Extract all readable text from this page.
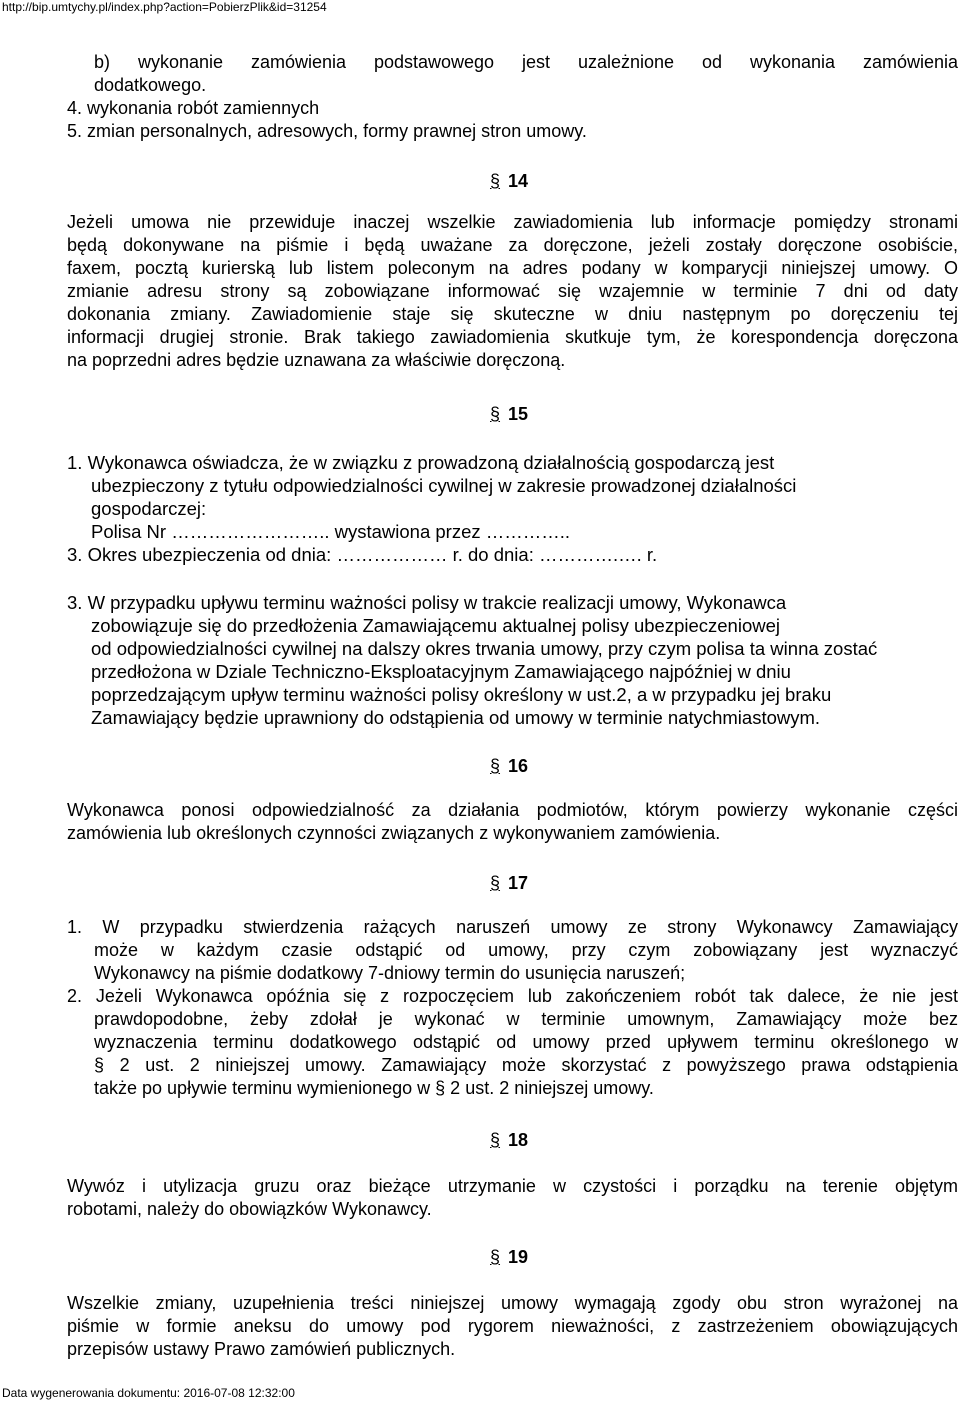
http://bip.umtychy.pl/index.php?action=PobierzPlik&id=31254
b) wykonanie zamówienia podstawowego jest uzależnione od wykonania zamówienia
dodatkowego.
4. wykonania robót zamiennych
5. zmian personalnych, adresowych, formy prawnej stron umowy.
§ 14
Jeżeli umowa nie przewiduje inaczej wszelkie zawiadomienia lub informacje pomiędzy stronami
będą dokonywane na piśmie i będą uważane za doręczone, jeżeli zostały doręczone osobiście,
faxem, pocztą kurierską lub listem poleconym na adres podany w komparycji niniejszej umowy. O
zmianie adresu strony są zobowiązane informować się wzajemnie w terminie 7 dni od daty
dokonania zmiany. Zawiadomienie staje się skuteczne w dniu następnym po doręczeniu tej
informacji drugiej stronie. Brak takiego zawiadomienia skutkuje tym, że korespondencja doręczona
na poprzedni adres będzie uznawana za właściwie doręczoną.
§ 15
1. Wykonawca oświadcza, że w związku z prowadzoną działalnością gospodarczą jest
ubezpieczony z tytułu odpowiedzialności cywilnej w zakresie prowadzonej działalności
gospodarczej:
Polisa Nr …………………….. wystawiona przez …………..
3. Okres ubezpieczenia od dnia: ……………… r. do dnia: ………….…. r.
3. W przypadku upływu terminu ważności polisy w trakcie realizacji umowy, Wykonawca
zobowiązuje się do przedłożenia Zamawiającemu aktualnej polisy ubezpieczeniowej
od odpowiedzialności cywilnej na dalszy okres trwania umowy, przy czym polisa ta winna zostać
przedłożona w Dziale Techniczno-Eksploatacyjnym Zamawiającego najpóźniej w dniu
poprzedzającym upływ terminu ważności polisy określony w ust.2, a w przypadku jej braku
Zamawiający będzie uprawniony do odstąpienia od umowy w terminie natychmiastowym.
§ 16
Wykonawca ponosi odpowiedzialność za działania podmiotów, którym powierzy wykonanie części
zamówienia lub określonych czynności związanych z wykonywaniem zamówienia.
§ 17
1. W przypadku stwierdzenia rażących naruszeń umowy ze strony Wykonawcy Zamawiający
może w każdym czasie odstąpić od umowy, przy czym zobowiązany jest wyznaczyć
Wykonawcy na piśmie dodatkowy 7-dniowy termin do usunięcia naruszeń;
2. Jeżeli Wykonawca opóźnia się z rozpoczęciem lub zakończeniem robót tak dalece, że nie jest
prawdopodobne, żeby zdołał je wykonać w terminie umownym, Zamawiający może bez
wyznaczenia terminu dodatkowego odstąpić od umowy przed upływem terminu określonego w
§ 2 ust. 2 niniejszej umowy. Zamawiający może skorzystać z powyższego prawa odstąpienia
także po upływie terminu wymienionego w § 2 ust. 2 niniejszej umowy.
§ 18
Wywóz i utylizacja gruzu oraz bieżące utrzymanie w czystości i porządku na terenie objętym
robotami, należy do obowiązków Wykonawcy.
§ 19
Wszelkie zmiany, uzupełnienia treści niniejszej umowy wymagają zgody obu stron wyrażonej na
piśmie w formie aneksu do umowy pod rygorem nieważności, z zastrzeżeniem obowiązujących
przepisów ustawy Prawo zamówień publicznych.
Data wygenerowania dokumentu: 2016-07-08 12:32:00
